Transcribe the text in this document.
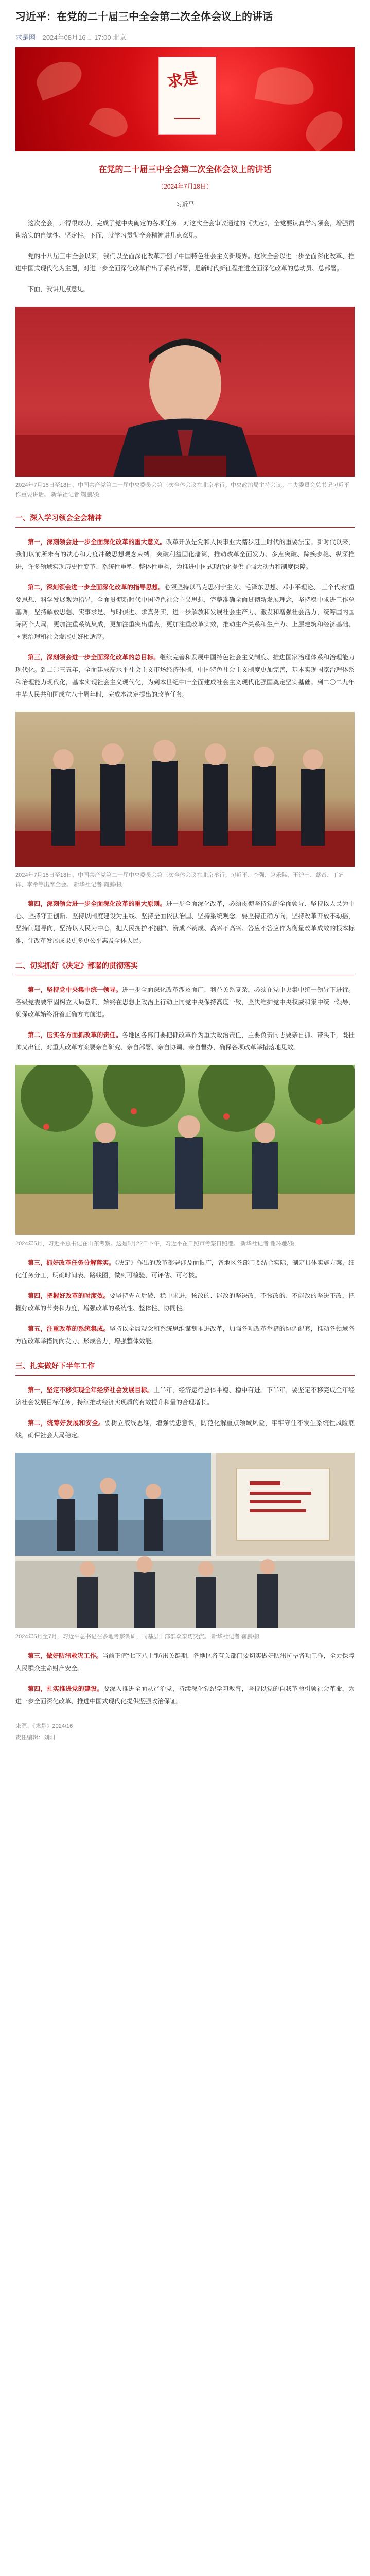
习近平：在党的二十届三中全会第二次全体会议上的讲话
求是网 2024年08月16日 17:00 北京
求是
在党的二十届三中全会第二次全体会议上的讲话
（2024年7月18日）
习近平

这次全会，开得很成功，完成了党中央确定的各项任务。对这次全会审议通过的《决定》，全党要认真学习领会，增强贯彻落实的自觉性、坚定性。下面，就学习贯彻全会精神讲几点意见。

党的十八届三中全会以来，我们以全面深化改革开创了中国特色社会主义新境界。这次全会以进一步全面深化改革、推进中国式现代化为主题，对进一步全面深化改革作出了系统部署，是新时代新征程推进全面深化改革的总动员、总部署。

下面，我讲几点意见。

2024年7月15日至18日，中国共产党第二十届中央委员会第三次全体会议在北京举行。中央政治局主持会议。中央委员会总书记习近平作重要讲话。 新华社记者 鞠鹏/摄
一、深入学习领会全会精神

第一，深刻领会进一步全面深化改革的重大意义。改革开放是党和人民事业大踏步赶上时代的重要法宝。新时代以来，我们以前所未有的决心和力度冲破思想观念束缚，突破利益固化藩篱，推动改革全面发力、多点突破、蹄疾步稳、纵深推进，许多领域实现历史性变革、系统性重塑、整体性重构，为推进中国式现代化提供了强大动力和制度保障。

第二，深刻领会进一步全面深化改革的指导思想。必须坚持以马克思列宁主义、毛泽东思想、邓小平理论、“三个代表”重要思想、科学发展观为指导，全面贯彻新时代中国特色社会主义思想，完整准确全面贯彻新发展理念，坚持稳中求进工作总基调，坚持解放思想、实事求是、与时俱进、求真务实，进一步解放和发展社会生产力、激发和增强社会活力，统筹国内国际两个大局，更加注重系统集成，更加注重突出重点，更加注重改革实效，推动生产关系和生产力、上层建筑和经济基础、国家治理和社会发展更好相适应。

第三，深刻领会进一步全面深化改革的总目标。继续完善和发展中国特色社会主义制度、推进国家治理体系和治理能力现代化。到二〇三五年，全面建成高水平社会主义市场经济体制，中国特色社会主义制度更加完善，基本实现国家治理体系和治理能力现代化，基本实现社会主义现代化，为到本世纪中叶全面建成社会主义现代化强国奠定坚实基础。到二〇二九年中华人民共和国成立八十周年时，完成本决定提出的改革任务。

2024年7月15日至18日，中国共产党第二十届中央委员会第三次全体会议在北京举行。习近平、李强、赵乐际、王沪宁、蔡奇、丁薛祥、李希等出席全会。 新华社记者 鞠鹏/摄

第四，深刻领会进一步全面深化改革的重大原则。进一步全面深化改革，必须贯彻坚持党的全面领导、坚持以人民为中心、坚持守正创新、坚持以制度建设为主线、坚持全面依法治国、坚持系统观念。要坚持正确方向，坚持改革开放不动摇，坚持问题导向，坚持以人民为中心，把人民拥护不拥护、赞成不赞成、高兴不高兴、答应不答应作为衡量改革成效的根本标准，让改革发展成果更多更公平惠及全体人民。

二、切实抓好《决定》部署的贯彻落实

第一，坚持党中央集中统一领导。进一步全面深化改革涉及面广、利益关系复杂，必须在党中央集中统一领导下进行。各级党委要牢固树立大局意识，始终在思想上政治上行动上同党中央保持高度一致，坚决维护党中央权威和集中统一领导，确保改革始终沿着正确方向前进。

第二，压实各方面抓改革的责任。各地区各部门要把抓改革作为重大政治责任，主要负责同志要亲自抓、带头干，既挂帅又出征，对重大改革方案要亲自研究、亲自部署、亲自协调、亲自督办，确保各项改革举措落地见效。

2024年5月，习近平总书记在山东考察。这是5月22日下午，习近平在日照市考察日照港。 新华社记者 谢环驰/摄

第三，抓好改革任务分解落实。《决定》作出的改革部署涉及面很广，各地区各部门要结合实际，制定具体实施方案，细化任务分工，明确时间表、路线图，做到可检验、可评估、可考核。

第四，把握好改革的时度效。要坚持先立后破、稳中求进，该改的、能改的坚决改，不该改的、不能改的坚决不改，把握好改革的节奏和力度，增强改革的系统性、整体性、协同性。

第五，注重改革的系统集成。坚持以全局观念和系统思维谋划推进改革，加强各项改革举措的协调配套，推动各领域各方面改革举措同向发力、形成合力，增强整体效能。

三、扎实做好下半年工作

第一，坚定不移实现全年经济社会发展目标。上半年，经济运行总体平稳、稳中有进。下半年，要坚定不移完成全年经济社会发展目标任务，持续推动经济实现质的有效提升和量的合理增长。

第二，统筹好发展和安全。要树立底线思维，增强忧患意识，防范化解重点领域风险，牢牢守住不发生系统性风险底线，确保社会大局稳定。

2024年5月至7月，习近平总书记在多地考察调研，同基层干部群众亲切交流。 新华社记者 鞠鹏/摄

第三，做好防汛救灾工作。当前正值“七下八上”防汛关键期，各地区各有关部门要切实做好防汛抗旱各项工作，全力保障人民群众生命财产安全。

第四，扎实推进党的建设。要深入推进全面从严治党，持续深化党纪学习教育，坚持以党的自我革命引领社会革命，为进一步全面深化改革、推进中国式现代化提供坚强政治保证。

来源：《求是》2024/16
责任编辑：刘阳
